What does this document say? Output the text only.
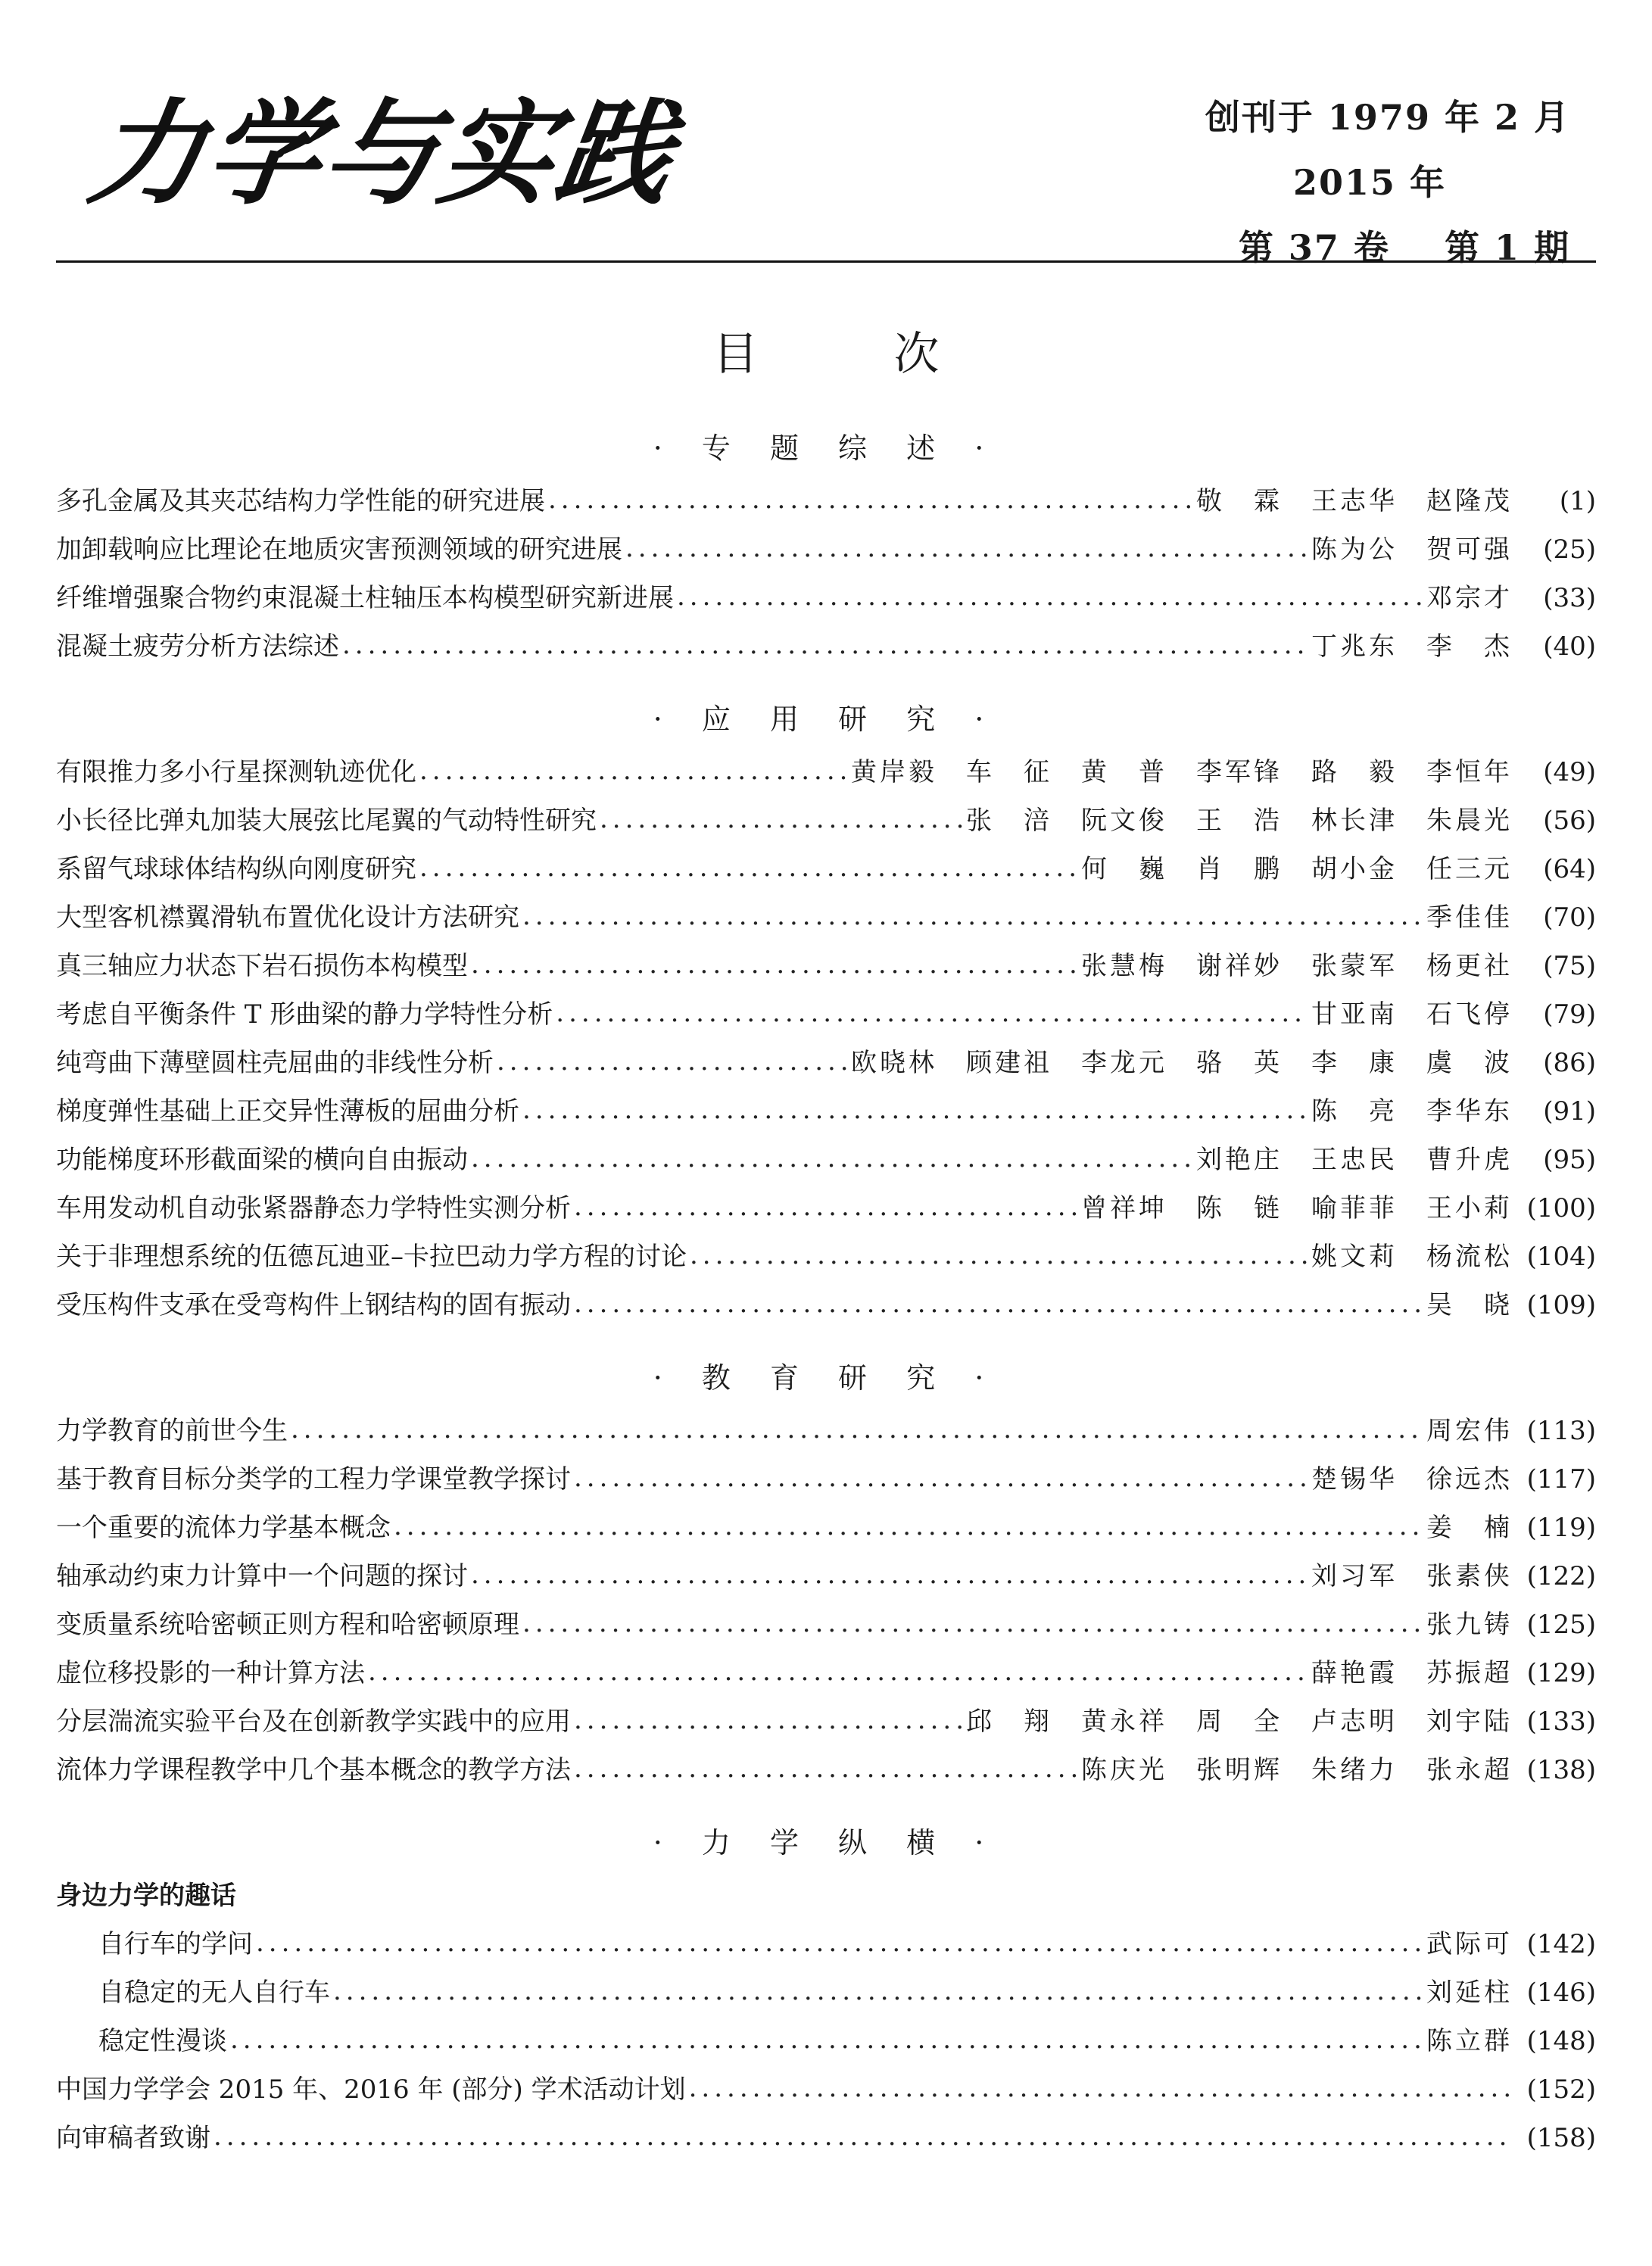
力学与实践	创刊于 1979 年 2 月
2015 年
第 37 卷    第 1 期
目 次
· 专 题 综 述 ·
多孔金属及其夹芯结构力学性能的研究进展 .....	敬　霖　王志华　赵隆茂	(1)
加卸载响应比理论在地质灾害预测领域的研究进展 .....	陈为公　贺可强	(25)
纤维增强聚合物约束混凝土柱轴压本构模型研究新进展 .....	邓宗才	(33)
混凝土疲劳分析方法综述 .....	丁兆东　李　杰	(40)
· 应 用 研 究 ·
有限推力多小行星探测轨迹优化 .....	黄岸毅　车　征　黄　普　李军锋　路　毅　李恒年	(49)
小长径比弹丸加装大展弦比尾翼的气动特性研究 .....	张　涪　阮文俊　王　浩　林长津　朱晨光	(56)
系留气球球体结构纵向刚度研究 .....	何　巍　肖　鹏　胡小金　任三元	(64)
大型客机襟翼滑轨布置优化设计方法研究 .....	季佳佳	(70)
真三轴应力状态下岩石损伤本构模型 .....	张慧梅　谢祥妙　张蒙军　杨更社	(75)
考虑自平衡条件 T 形曲梁的静力学特性分析 .....	甘亚南　石飞停	(79)
纯弯曲下薄壁圆柱壳屈曲的非线性分析 .....	欧晓林　顾建祖　李龙元　骆　英　李　康　虞　波	(86)
梯度弹性基础上正交异性薄板的屈曲分析 .....	陈　亮　李华东	(91)
功能梯度环形截面梁的横向自由振动 .....	刘艳庄　王忠民　曹升虎	(95)
车用发动机自动张紧器静态力学特性实测分析 .....	曾祥坤　陈　链　喻菲菲　王小莉 (100)
关于非理想系统的伍德瓦迪亚–卡拉巴动力学方程的讨论 .....	姚文莉　杨流松 (104)
受压构件支承在受弯构件上钢结构的固有振动 .....	吴　晓 (109)
· 教 育 研 究 ·
力学教育的前世今生 .....	周宏伟 (113)
基于教育目标分类学的工程力学课堂教学探讨 .....	楚锡华　徐远杰 (117)
一个重要的流体力学基本概念 .....	姜　楠 (119)
轴承动约束力计算中一个问题的探讨 .....	刘习军　张素侠 (122)
变质量系统哈密顿正则方程和哈密顿原理 .....	张九铸 (125)
虚位移投影的一种计算方法 .....	薛艳霞　苏振超 (129)
分层湍流实验平台及在创新教学实践中的应用 .....	邱　翔　黄永祥　周　全　卢志明　刘宇陆 (133)
流体力学课程教学中几个基本概念的教学方法 .....	陈庆光　张明辉　朱绪力　张永超 (138)
· 力 学 纵 横 ·
身边力学的趣话
自行车的学问 .....	武际可 (142)
自稳定的无人自行车 .....	刘延柱 (146)
稳定性漫谈 .....	陈立群 (148)
中国力学学会 2015 年、2016 年 (部分) 学术活动计划 .....	(152)
向审稿者致谢 .....	(158)
